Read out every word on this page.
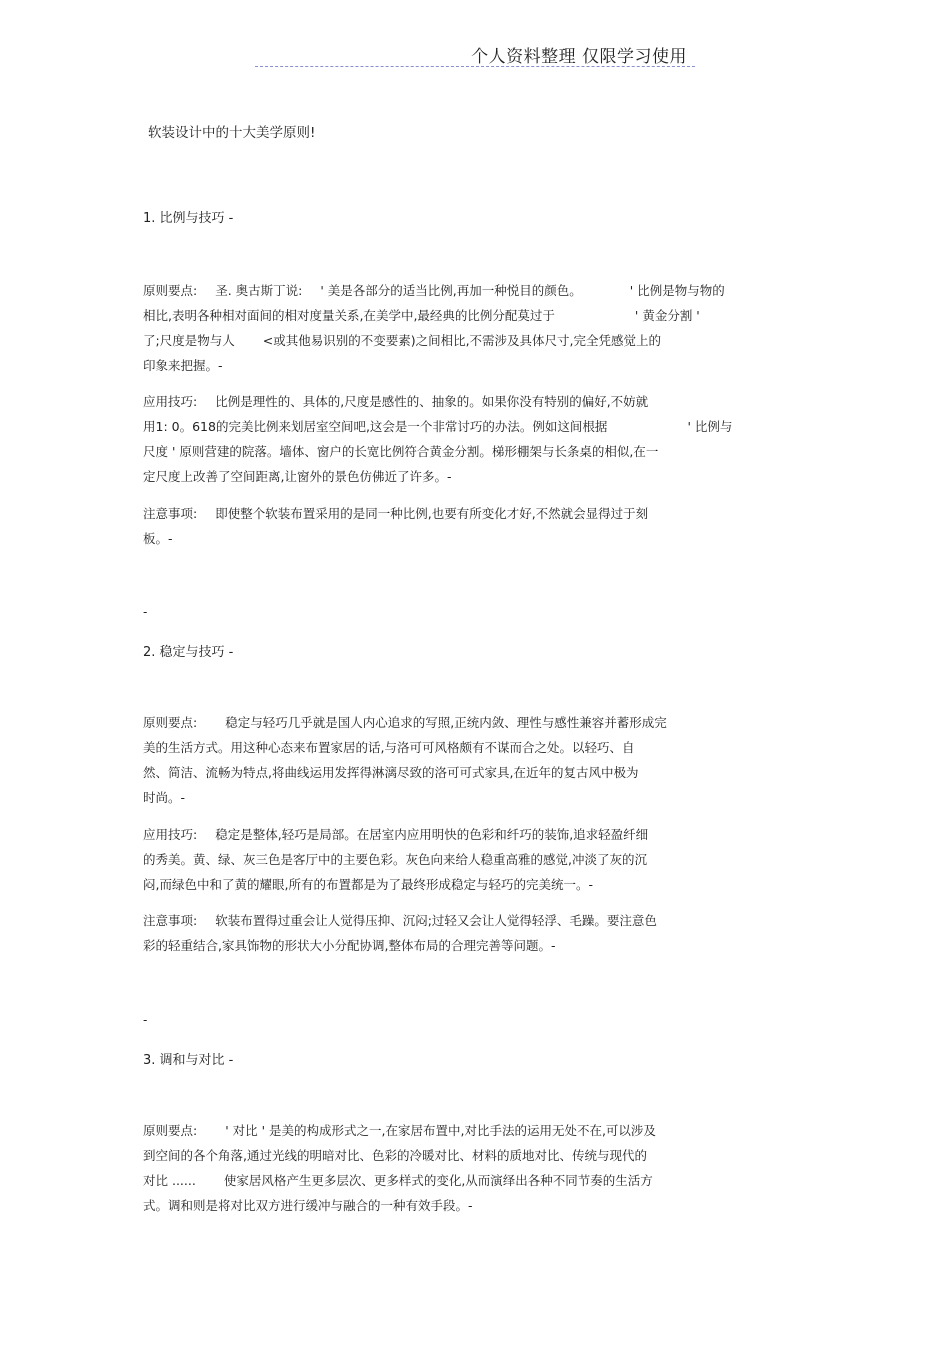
个人资料整理 仅限学习使用
软装设计中的十大美学原则!
1. 比例与技巧 -
原则要点: 圣. 奥古斯丁说: ' 美是各部分的适当比例,再加一种悦目的颜色。	' 比例是物与物的
相比,表明各种相对面间的相对度量关系,在美学中,最经典的比例分配莫过于	' 黄金分割 '
了;尺度是物与人 <或其他易识别的不变要素)之间相比,不需涉及具体尺寸,完全凭感觉上的
印象来把握。-
应用技巧: 比例是理性的、具体的,尺度是感性的、抽象的。如果你没有特别的偏好,不妨就
用1: 0。618的完美比例来划居室空间吧,这会是一个非常讨巧的办法。例如这间根据	' 比例与
尺度 ' 原则营建的院落。墙体、窗户的长宽比例符合黄金分割。梯形棚架与长条桌的相似,在一
定尺度上改善了空间距离,让窗外的景色仿佛近了许多。-
注意事项: 即使整个软装布置采用的是同一种比例,也要有所变化才好,不然就会显得过于刻
板。-
-
2. 稳定与技巧 -
原则要点: 稳定与轻巧几乎就是国人内心追求的写照,正统内敛、理性与感性兼容并蓄形成完
美的生活方式。用这种心态来布置家居的话,与洛可可风格颇有不谋而合之处。以轻巧、自
然、简洁、流畅为特点,将曲线运用发挥得淋漓尽致的洛可可式家具,在近年的复古风中极为
时尚。-
应用技巧: 稳定是整体,轻巧是局部。在居室内应用明快的色彩和纤巧的装饰,追求轻盈纤细
的秀美。黄、绿、灰三色是客厅中的主要色彩。灰色向来给人稳重高雅的感觉,冲淡了灰的沉
闷,而绿色中和了黄的耀眼,所有的布置都是为了最终形成稳定与轻巧的完美统一。-
注意事项: 软装布置得过重会让人觉得压抑、沉闷;过轻又会让人觉得轻浮、毛躁。要注意色
彩的轻重结合,家具饰物的形状大小分配协调,整体布局的合理完善等问题。-
-
3. 调和与对比 -
原则要点: ' 对比 ' 是美的构成形式之一,在家居布置中,对比手法的运用无处不在,可以涉及
到空间的各个角落,通过光线的明暗对比、色彩的冷暖对比、材料的质地对比、传统与现代的
对比 ...... 使家居风格产生更多层次、更多样式的变化,从而演绎出各种不同节奏的生活方
式。调和则是将对比双方进行缓冲与融合的一种有效手段。-
